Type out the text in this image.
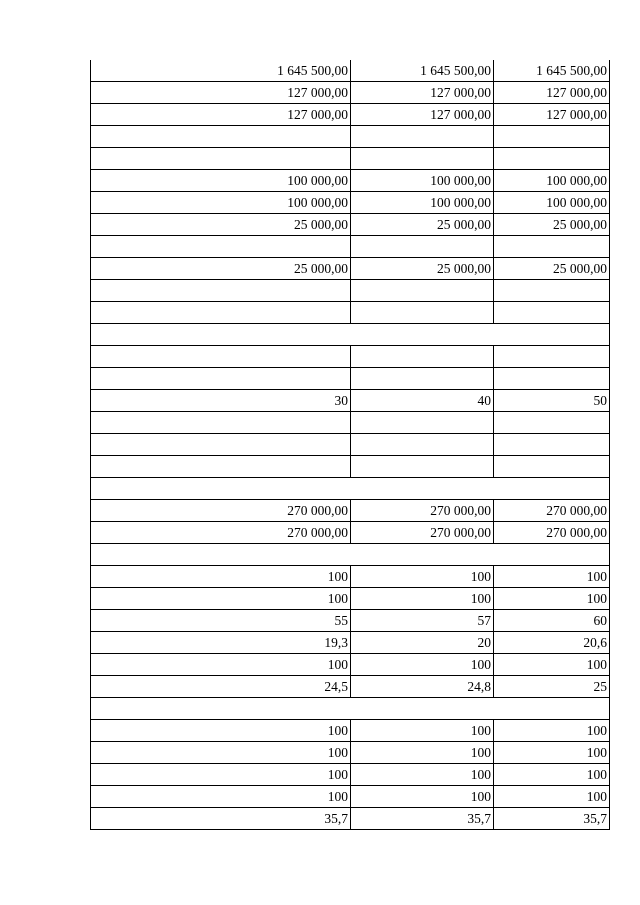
1 645 500,00	1 645 500,00	1 645 500,00
127 000,00	127 000,00	127 000,00
127 000,00	127 000,00	127 000,00

100 000,00	100 000,00	100 000,00
100 000,00	100 000,00	100 000,00
25 000,00	25 000,00	25 000,00

25 000,00	25 000,00	25 000,00

30	40	50

270 000,00	270 000,00	270 000,00
270 000,00	270 000,00	270 000,00

100	100	100
100	100	100
55	57	60
19,3	20	20,6
100	100	100
24,5	24,8	25

100	100	100
100	100	100
100	100	100
100	100	100
35,7	35,7	35,7
